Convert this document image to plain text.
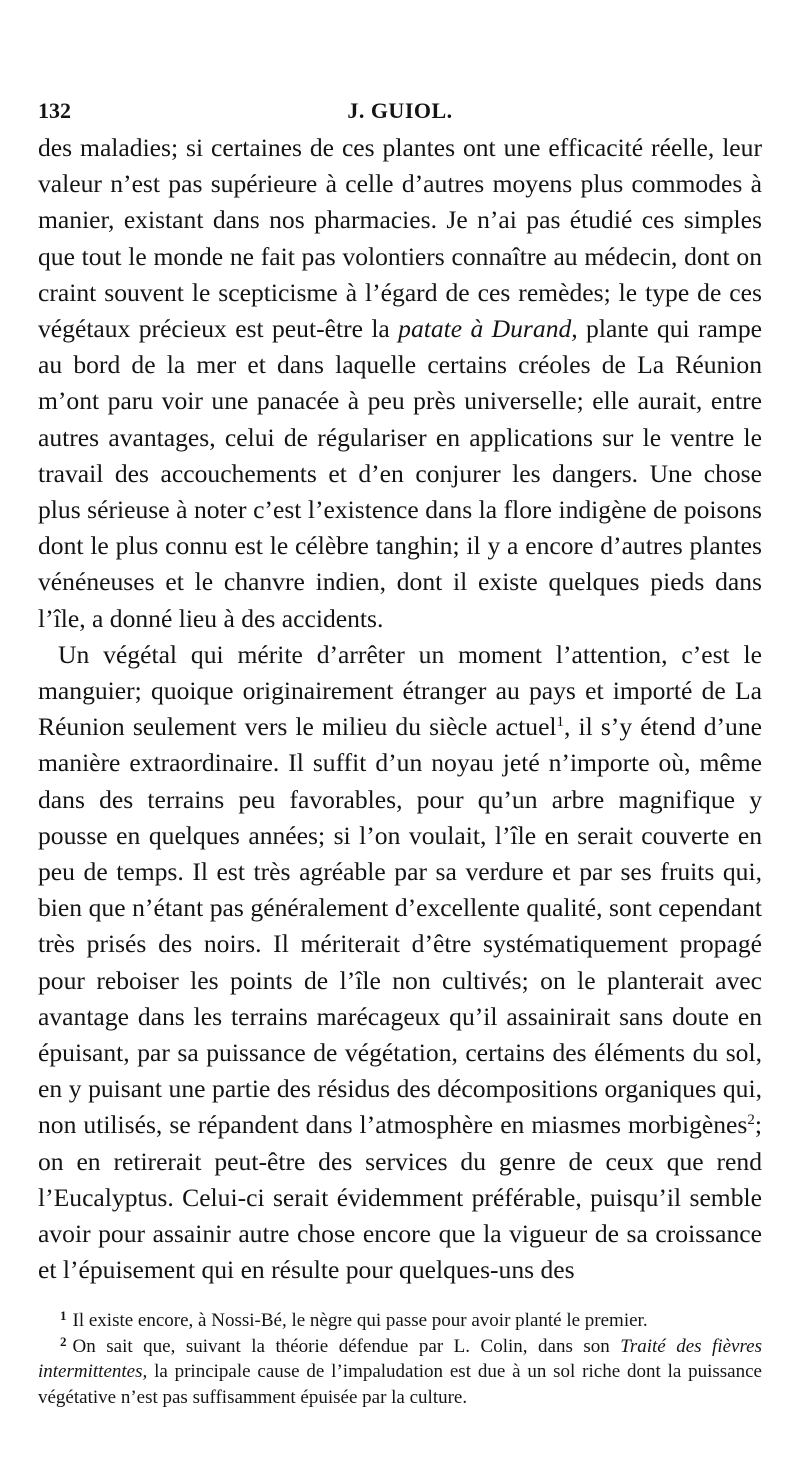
132	J. GUIOL.

des maladies; si certaines de ces plantes ont une efficacité réelle, leur valeur n’est pas supérieure à celle d’autres moyens plus commodes à manier, existant dans nos pharmacies. Je n’ai pas étudié ces simples que tout le monde ne fait pas volontiers connaître au médecin, dont on craint souvent le scepticisme à l’égard de ces remèdes; le type de ces végétaux précieux est peut-être la patate à Durand, plante qui rampe au bord de la mer et dans laquelle certains créoles de La Réunion m’ont paru voir une panacée à peu près universelle; elle aurait, entre autres avantages, celui de régulariser en applications sur le ventre le travail des accouchements et d’en conjurer les dangers. Une chose plus sérieuse à noter c’est l’existence dans la flore indigène de poisons dont le plus connu est le célèbre tanghin; il y a encore d’autres plantes vénéneuses et le chanvre indien, dont il existe quelques pieds dans l’île, a donné lieu à des accidents.

Un végétal qui mérite d’arrêter un moment l’attention, c’est le manguier; quoique originairement étranger au pays et importé de La Réunion seulement vers le milieu du siècle actuel$^1$, il s’y étend d’une manière extraordinaire. Il suffit d’un noyau jeté n’importe où, même dans des terrains peu favorables, pour qu’un arbre magnifique y pousse en quelques années; si l’on voulait, l’île en serait couverte en peu de temps. Il est très agréable par sa verdure et par ses fruits qui, bien que n’étant pas généralement d’excellente qualité, sont cependant très prisés des noirs. Il mériterait d’être systématiquement propagé pour reboiser les points de l’île non cultivés; on le planterait avec avantage dans les terrains marécageux qu’il assainirait sans doute en épuisant, par sa puissance de végétation, certains des éléments du sol, en y puisant une partie des résidus des décompositions organiques qui, non utilisés, se répandent dans l’atmosphère en miasmes morbigènes$^2$; on en retirerait peut-être des services du genre de ceux que rend l’Eucalyptus. Celui-ci serait évidemment préférable, puisqu’il semble avoir pour assainir autre chose encore que la vigueur de sa croissance et l’épuisement qui en résulte pour quelques-uns des

$^1$ Il existe encore, à Nossi-Bé, le nègre qui passe pour avoir planté le premier.

$^2$ On sait que, suivant la théorie défendue par L. Colin, dans son Traité des fièvres intermittentes, la principale cause de l’impaludation est due à un sol riche dont la puissance végétative n’est pas suffisamment épuisée par la culture.
